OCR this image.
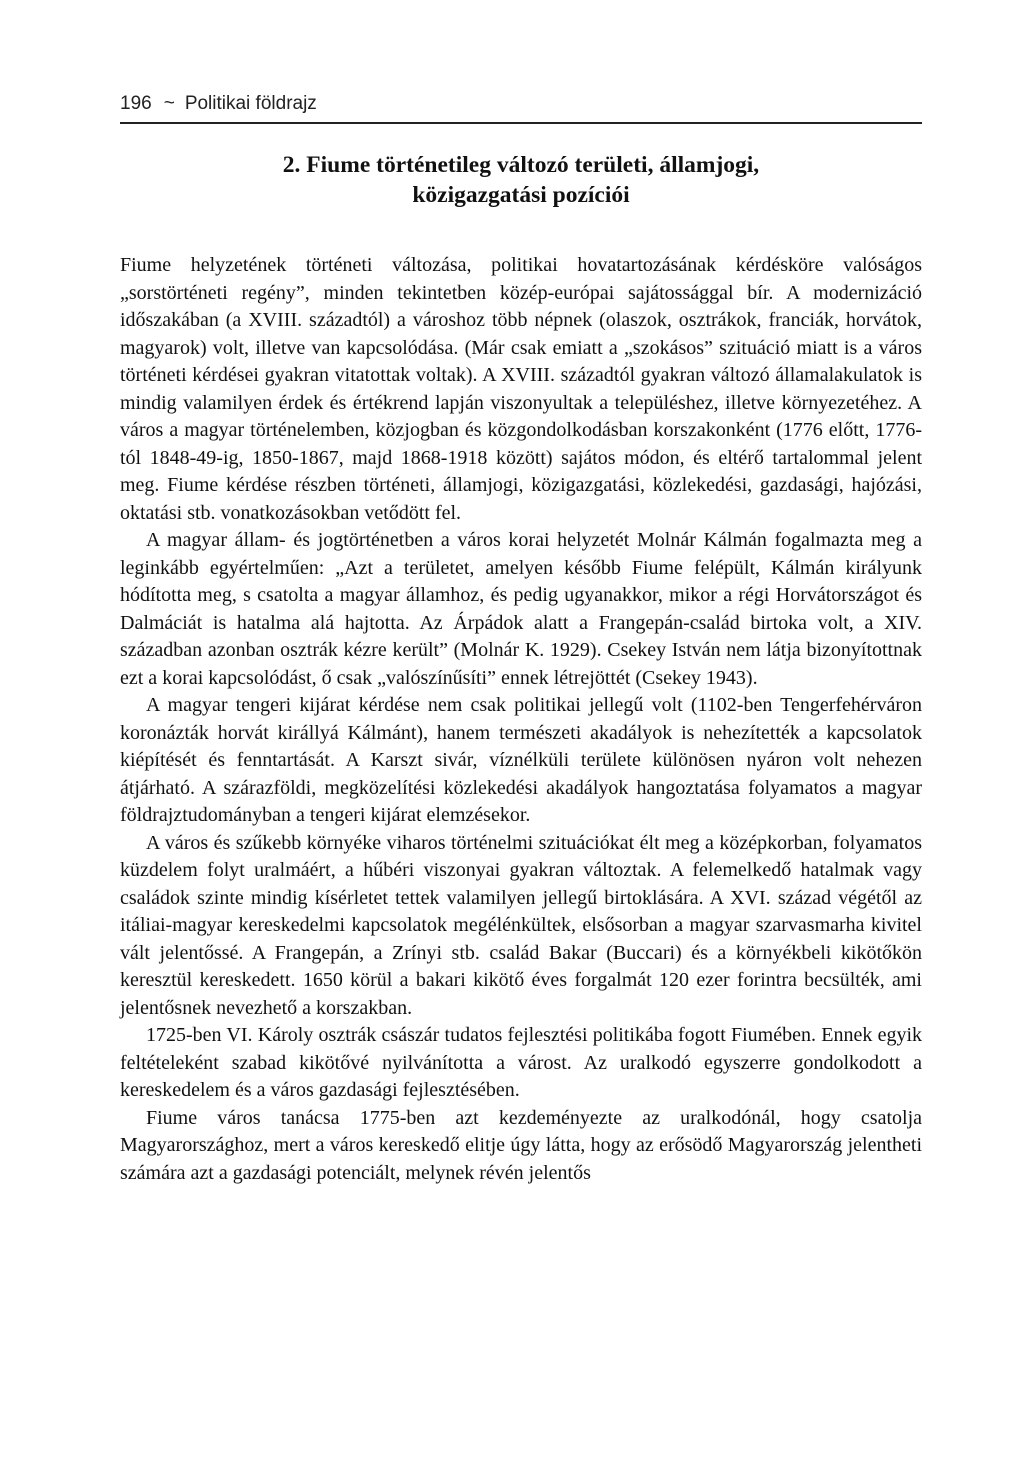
196 ~ Politikai földrajz
2. Fiume történetileg változó területi, államjogi,
közigazgatási pozíciói

Fiume helyzetének történeti változása, politikai hovatartozásának kérdésköre valóságos „sorstörténeti regény”, minden tekintetben közép-európai sajátossággal bír. A modernizáció időszakában (a XVIII. századtól) a városhoz több népnek (olaszok, osztrákok, franciák, horvátok, magyarok) volt, illetve van kapcsolódása. (Már csak emiatt a „szokásos” szituáció miatt is a város történeti kérdései gyakran vitatottak voltak). A XVIII. századtól gyakran változó államalakulatok is mindig valamilyen érdek és értékrend lapján viszonyultak a településhez, illetve környezetéhez. A város a magyar történelemben, közjogban és közgondolkodásban korszakonként (1776 előtt, 1776-tól 1848-49-ig, 1850-1867, majd 1868-1918 között) sajátos módon, és eltérő tartalommal jelent meg. Fiume kérdése részben történeti, államjogi, közigazgatási, közlekedési, gazdasági, hajózási, oktatási stb. vonatkozásokban vetődött fel.

A magyar állam- és jogtörténetben a város korai helyzetét Molnár Kálmán fogalmazta meg a leginkább egyértelműen: „Azt a területet, amelyen később Fiume felépült, Kálmán királyunk hódította meg, s csatolta a magyar államhoz, és pedig ugyanakkor, mikor a régi Horvátországot és Dalmáciát is hatalma alá hajtotta. Az Árpádok alatt a Frangepán-család birtoka volt, a XIV. században azonban osztrák kézre került” (Molnár K. 1929). Csekey István nem látja bizonyítottnak ezt a korai kapcsolódást, ő csak „valószínűsíti” ennek létrejöttét (Csekey 1943).

A magyar tengeri kijárat kérdése nem csak politikai jellegű volt (1102-ben Tengerfehérváron koronázták horvát királlyá Kálmánt), hanem természeti akadályok is nehezítették a kapcsolatok kiépítését és fenntartását. A Karszt sivár, víznélküli területe különösen nyáron volt nehezen átjárható. A szárazföldi, megközelítési közlekedési akadályok hangoztatása folyamatos a magyar földrajztudományban a tengeri kijárat elemzésekor.

A város és szűkebb környéke viharos történelmi szituációkat élt meg a középkorban, folyamatos küzdelem folyt uralmáért, a hűbéri viszonyai gyakran változtak. A felemelkedő hatalmak vagy családok szinte mindig kísérletet tettek valamilyen jellegű birtoklására. A XVI. század végétől az itáliai-magyar kereskedelmi kapcsolatok megélénkültek, elsősorban a magyar szarvasmarha kivitel vált jelentőssé. A Frangepán, a Zrínyi stb. család Bakar (Buccari) és a környékbeli kikötőkön keresztül kereskedett. 1650 körül a bakari kikötő éves forgalmát 120 ezer forintra becsülték, ami jelentősnek nevezhető a korszakban.

1725-ben VI. Károly osztrák császár tudatos fejlesztési politikába fogott Fiumében. Ennek egyik feltételeként szabad kikötővé nyilvánította a várost. Az uralkodó egyszerre gondolkodott a kereskedelem és a város gazdasági fejlesztésében.

Fiume város tanácsa 1775-ben azt kezdeményezte az uralkodónál, hogy csatolja Magyarországhoz, mert a város kereskedő elitje úgy látta, hogy az erősödő Magyarország jelentheti számára azt a gazdasági potenciált, melynek révén jelentős
